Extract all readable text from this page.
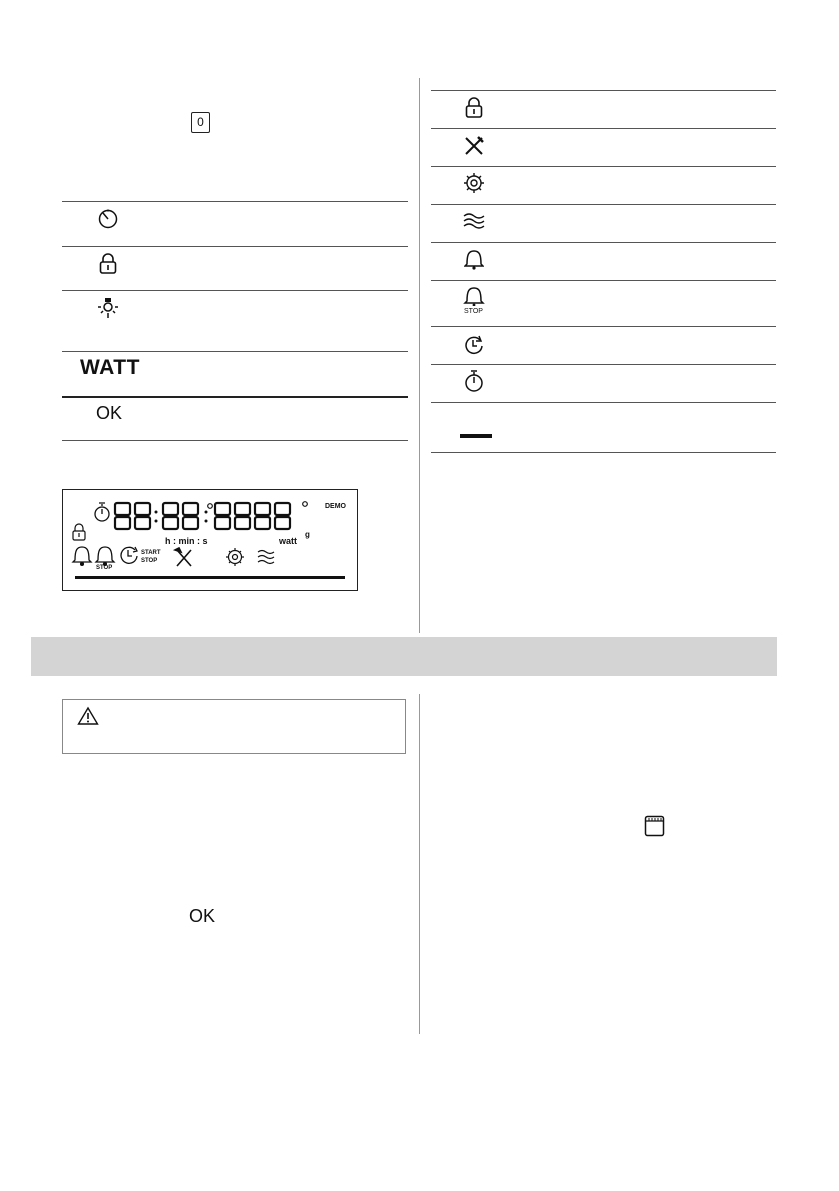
0
WATT
OK
DEMO
h : min : s	watt
g
STOP
START
STOP
STOP
OK
